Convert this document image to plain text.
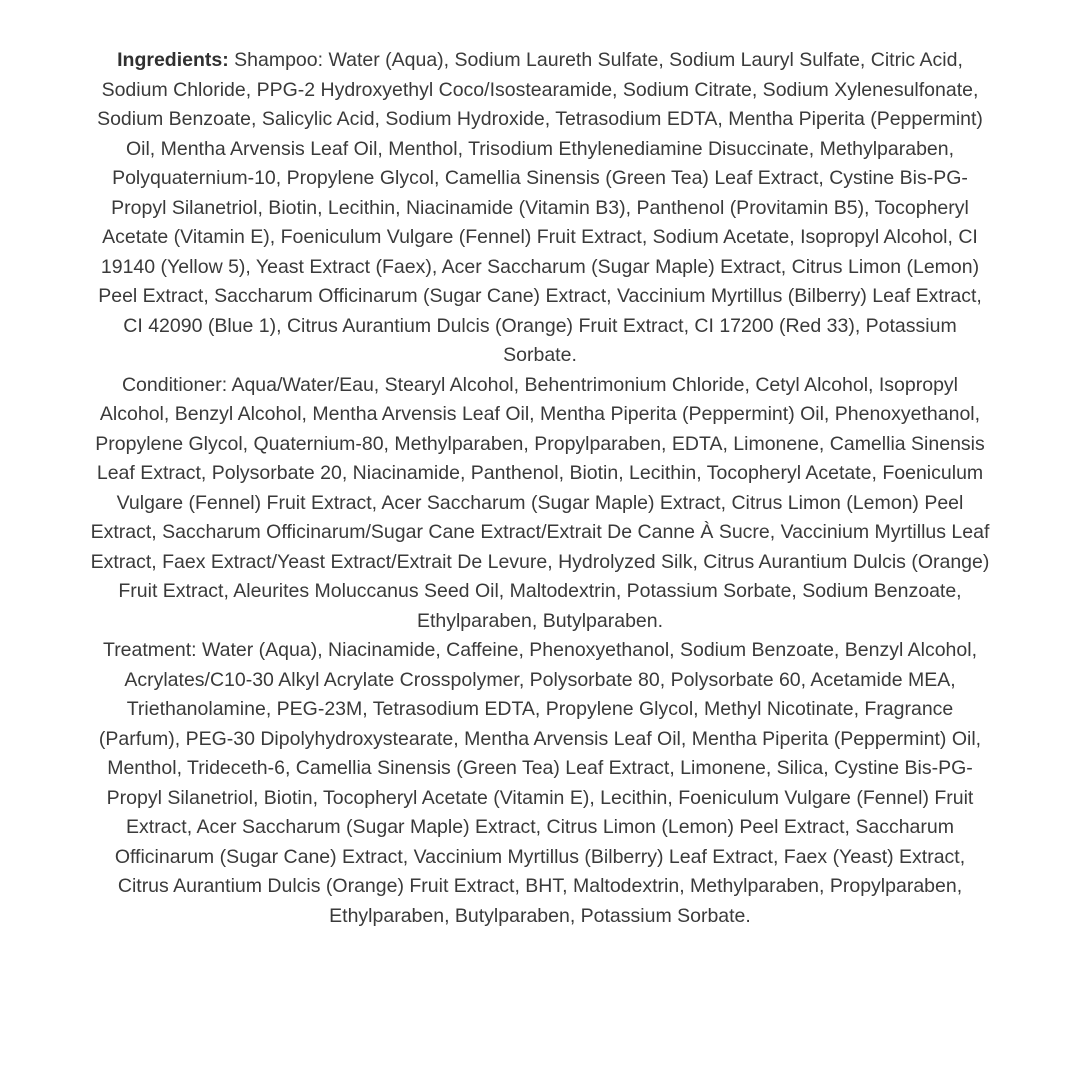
Ingredients: Shampoo: Water (Aqua), Sodium Laureth Sulfate, Sodium Lauryl Sulfate, Citric Acid, Sodium Chloride, PPG-2 Hydroxyethyl Coco/Isostearamide, Sodium Citrate, Sodium Xylenesulfonate, Sodium Benzoate, Salicylic Acid, Sodium Hydroxide, Tetrasodium EDTA, Mentha Piperita (Peppermint) Oil, Mentha Arvensis Leaf Oil, Menthol, Trisodium Ethylenediamine Disuccinate, Methylparaben, Polyquaternium-10, Propylene Glycol, Camellia Sinensis (Green Tea) Leaf Extract, Cystine Bis-PG-Propyl Silanetriol, Biotin, Lecithin, Niacinamide (Vitamin B3), Panthenol (Provitamin B5), Tocopheryl Acetate (Vitamin E), Foeniculum Vulgare (Fennel) Fruit Extract, Sodium Acetate, Isopropyl Alcohol, CI 19140 (Yellow 5), Yeast Extract (Faex), Acer Saccharum (Sugar Maple) Extract, Citrus Limon (Lemon) Peel Extract, Saccharum Officinarum (Sugar Cane) Extract, Vaccinium Myrtillus (Bilberry) Leaf Extract, CI 42090 (Blue 1), Citrus Aurantium Dulcis (Orange) Fruit Extract, CI 17200 (Red 33), Potassium Sorbate.

Conditioner: Aqua/Water/Eau, Stearyl Alcohol, Behentrimonium Chloride, Cetyl Alcohol, Isopropyl Alcohol, Benzyl Alcohol, Mentha Arvensis Leaf Oil, Mentha Piperita (Peppermint) Oil, Phenoxyethanol, Propylene Glycol, Quaternium-80, Methylparaben, Propylparaben, EDTA, Limonene, Camellia Sinensis Leaf Extract, Polysorbate 20, Niacinamide, Panthenol, Biotin, Lecithin, Tocopheryl Acetate, Foeniculum Vulgare (Fennel) Fruit Extract, Acer Saccharum (Sugar Maple) Extract, Citrus Limon (Lemon) Peel Extract, Saccharum Officinarum/Sugar Cane Extract/Extrait De Canne À Sucre, Vaccinium Myrtillus Leaf Extract, Faex Extract/Yeast Extract/Extrait De Levure, Hydrolyzed Silk, Citrus Aurantium Dulcis (Orange) Fruit Extract, Aleurites Moluccanus Seed Oil, Maltodextrin, Potassium Sorbate, Sodium Benzoate, Ethylparaben, Butylparaben.

Treatment: Water (Aqua), Niacinamide, Caffeine, Phenoxyethanol, Sodium Benzoate, Benzyl Alcohol, Acrylates/C10-30 Alkyl Acrylate Crosspolymer, Polysorbate 80, Polysorbate 60, Acetamide MEA, Triethanolamine, PEG-23M, Tetrasodium EDTA, Propylene Glycol, Methyl Nicotinate, Fragrance (Parfum), PEG-30 Dipolyhydroxystearate, Mentha Arvensis Leaf Oil, Mentha Piperita (Peppermint) Oil, Menthol, Trideceth-6, Camellia Sinensis (Green Tea) Leaf Extract, Limonene, Silica, Cystine Bis-PG-Propyl Silanetriol, Biotin, Tocopheryl Acetate (Vitamin E), Lecithin, Foeniculum Vulgare (Fennel) Fruit Extract, Acer Saccharum (Sugar Maple) Extract, Citrus Limon (Lemon) Peel Extract, Saccharum Officinarum (Sugar Cane) Extract, Vaccinium Myrtillus (Bilberry) Leaf Extract, Faex (Yeast) Extract, Citrus Aurantium Dulcis (Orange) Fruit Extract, BHT, Maltodextrin, Methylparaben, Propylparaben, Ethylparaben, Butylparaben, Potassium Sorbate.
